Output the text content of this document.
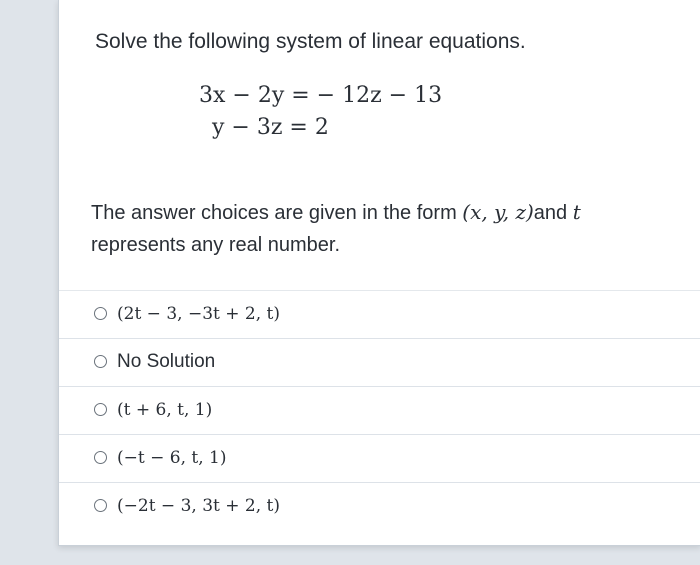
Solve the following system of linear equations.
3x − 2y = − 12z − 13
y − 3z = 2
The answer choices are given in the form (x, y, z)and t represents any real number.
(2t − 3, −3t + 2, t)
No Solution
(t + 6, t, 1)
(−t − 6, t, 1)
(−2t − 3, 3t + 2, t)
